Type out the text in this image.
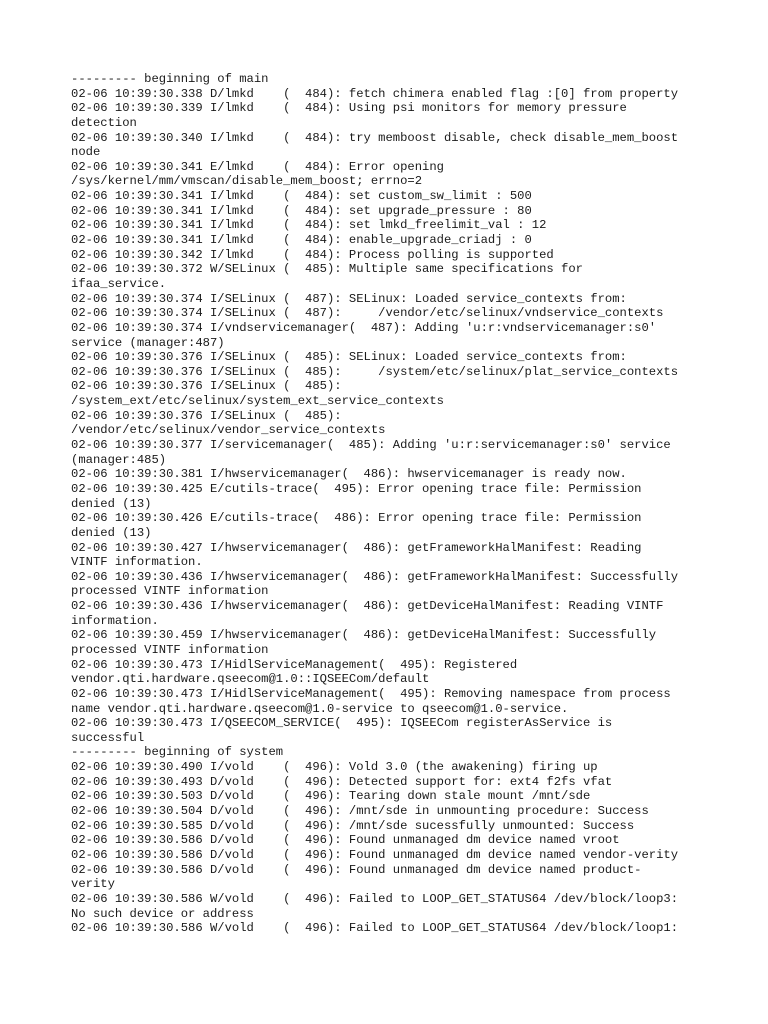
--------- beginning of main
02-06 10:39:30.338 D/lmkd    (  484): fetch chimera enabled flag :[0] from property
02-06 10:39:30.339 I/lmkd    (  484): Using psi monitors for memory pressure
detection
02-06 10:39:30.340 I/lmkd    (  484): try memboost disable, check disable_mem_boost
node
02-06 10:39:30.341 E/lmkd    (  484): Error opening
/sys/kernel/mm/vmscan/disable_mem_boost; errno=2
02-06 10:39:30.341 I/lmkd    (  484): set custom_sw_limit : 500
02-06 10:39:30.341 I/lmkd    (  484): set upgrade_pressure : 80
02-06 10:39:30.341 I/lmkd    (  484): set lmkd_freelimit_val : 12
02-06 10:39:30.341 I/lmkd    (  484): enable_upgrade_criadj : 0
02-06 10:39:30.342 I/lmkd    (  484): Process polling is supported
02-06 10:39:30.372 W/SELinux (  485): Multiple same specifications for
ifaa_service.
02-06 10:39:30.374 I/SELinux (  487): SELinux: Loaded service_contexts from:
02-06 10:39:30.374 I/SELinux (  487):     /vendor/etc/selinux/vndservice_contexts
02-06 10:39:30.374 I/vndservicemanager(  487): Adding 'u:r:vndservicemanager:s0'
service (manager:487)
02-06 10:39:30.376 I/SELinux (  485): SELinux: Loaded service_contexts from:
02-06 10:39:30.376 I/SELinux (  485):     /system/etc/selinux/plat_service_contexts
02-06 10:39:30.376 I/SELinux (  485):
/system_ext/etc/selinux/system_ext_service_contexts
02-06 10:39:30.376 I/SELinux (  485):
/vendor/etc/selinux/vendor_service_contexts
02-06 10:39:30.377 I/servicemanager(  485): Adding 'u:r:servicemanager:s0' service
(manager:485)
02-06 10:39:30.381 I/hwservicemanager(  486): hwservicemanager is ready now.
02-06 10:39:30.425 E/cutils-trace(  495): Error opening trace file: Permission
denied (13)
02-06 10:39:30.426 E/cutils-trace(  486): Error opening trace file: Permission
denied (13)
02-06 10:39:30.427 I/hwservicemanager(  486): getFrameworkHalManifest: Reading
VINTF information.
02-06 10:39:30.436 I/hwservicemanager(  486): getFrameworkHalManifest: Successfully
processed VINTF information
02-06 10:39:30.436 I/hwservicemanager(  486): getDeviceHalManifest: Reading VINTF
information.
02-06 10:39:30.459 I/hwservicemanager(  486): getDeviceHalManifest: Successfully
processed VINTF information
02-06 10:39:30.473 I/HidlServiceManagement(  495): Registered
vendor.qti.hardware.qseecom@1.0::IQSEECom/default
02-06 10:39:30.473 I/HidlServiceManagement(  495): Removing namespace from process
name vendor.qti.hardware.qseecom@1.0-service to qseecom@1.0-service.
02-06 10:39:30.473 I/QSEECOM_SERVICE(  495): IQSEECom registerAsService is
successful
--------- beginning of system
02-06 10:39:30.490 I/vold    (  496): Vold 3.0 (the awakening) firing up
02-06 10:39:30.493 D/vold    (  496): Detected support for: ext4 f2fs vfat
02-06 10:39:30.503 D/vold    (  496): Tearing down stale mount /mnt/sde
02-06 10:39:30.504 D/vold    (  496): /mnt/sde in unmounting procedure: Success
02-06 10:39:30.585 D/vold    (  496): /mnt/sde sucessfully unmounted: Success
02-06 10:39:30.586 D/vold    (  496): Found unmanaged dm device named vroot
02-06 10:39:30.586 D/vold    (  496): Found unmanaged dm device named vendor-verity
02-06 10:39:30.586 D/vold    (  496): Found unmanaged dm device named product-
verity
02-06 10:39:30.586 W/vold    (  496): Failed to LOOP_GET_STATUS64 /dev/block/loop3:
No such device or address
02-06 10:39:30.586 W/vold    (  496): Failed to LOOP_GET_STATUS64 /dev/block/loop1:
